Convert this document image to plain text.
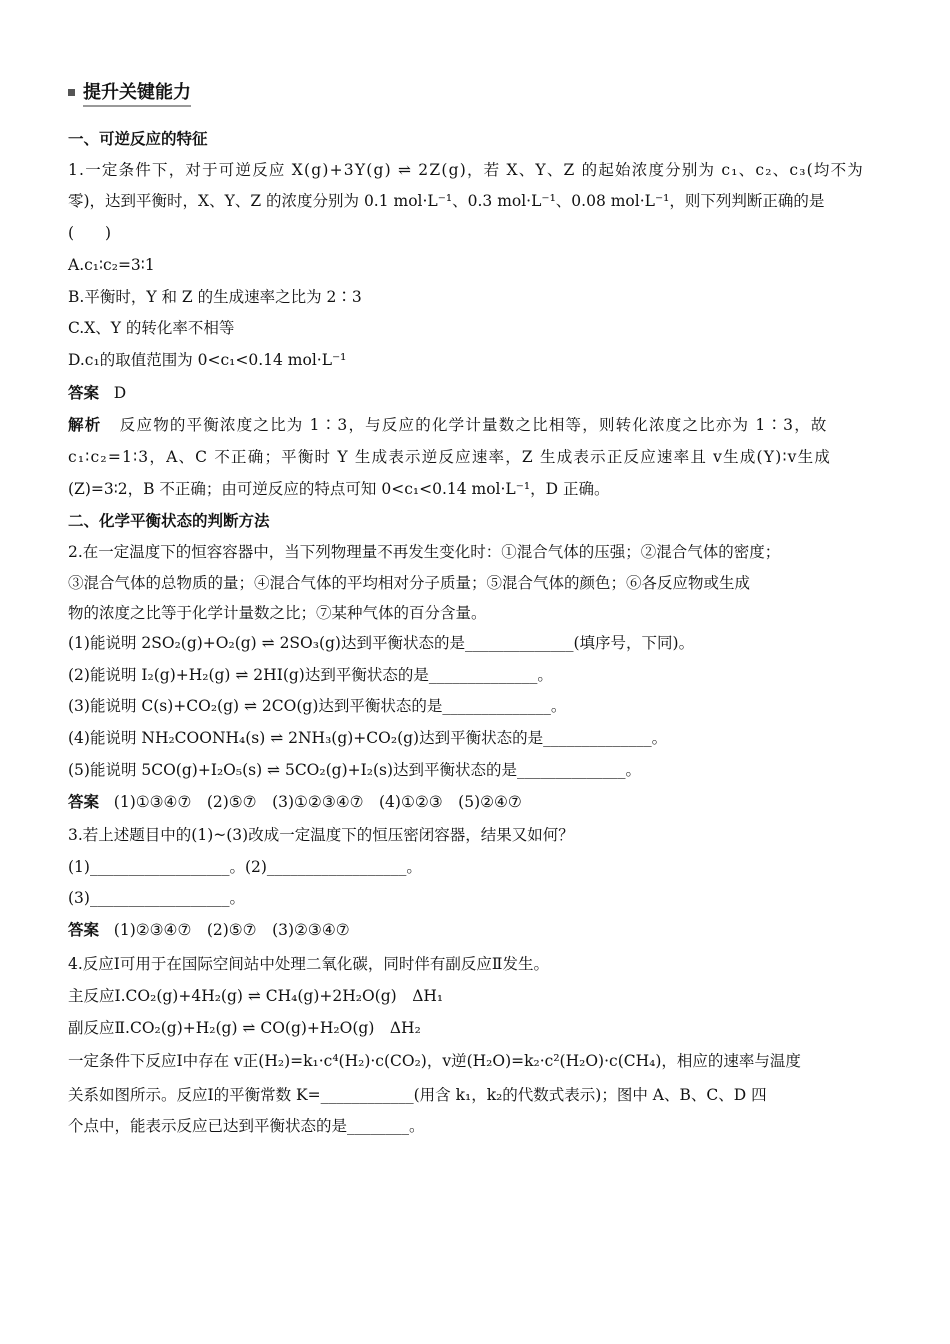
提升关键能力
一、可逆反应的特征
1.一定条件下，对于可逆反应 X(g)+3Y(g) ⇌ 2Z(g)，若 X、Y、Z 的起始浓度分别为 c₁、c₂、c₃(均不为
零)，达到平衡时，X、Y、Z 的浓度分别为 0.1 mol·L⁻¹、0.3 mol·L⁻¹、0.08 mol·L⁻¹，则下列判断正确的是
(　　)
A.c₁∶c₂=3∶1
B.平衡时，Y 和 Z 的生成速率之比为 2∶3
C.X、Y 的转化率不相等
D.c₁的取值范围为 0<c₁<0.14 mol·L⁻¹
答案 D
解析 反应物的平衡浓度之比为 1∶3，与反应的化学计量数之比相等，则转化浓度之比亦为 1∶3，故
c₁∶c₂=1∶3，A、C 不正确；平衡时 Y 生成表示逆反应速率，Z 生成表示正反应速率且 v生成(Y)∶v生成
(Z)=3∶2，B 不正确；由可逆反应的特点可知 0<c₁<0.14 mol·L⁻¹，D 正确。
二、化学平衡状态的判断方法
2.在一定温度下的恒容容器中，当下列物理量不再发生变化时：①混合气体的压强；②混合气体的密度；
③混合气体的总物质的量；④混合气体的平均相对分子质量；⑤混合气体的颜色；⑥各反应物或生成
物的浓度之比等于化学计量数之比；⑦某种气体的百分含量。
(1)能说明 2SO₂(g)+O₂(g) ⇌ 2SO₃(g)达到平衡状态的是______________(填序号，下同)。
(2)能说明 I₂(g)+H₂(g) ⇌ 2HI(g)达到平衡状态的是______________。
(3)能说明 C(s)+CO₂(g) ⇌ 2CO(g)达到平衡状态的是______________。
(4)能说明 NH₂COONH₄(s) ⇌ 2NH₃(g)+CO₂(g)达到平衡状态的是______________。
(5)能说明 5CO(g)+I₂O₅(s) ⇌ 5CO₂(g)+I₂(s)达到平衡状态的是______________。
答案 (1)①③④⑦　(2)⑤⑦　(3)①②③④⑦　(4)①②③　(5)②④⑦
3.若上述题目中的(1)~(3)改成一定温度下的恒压密闭容器，结果又如何？
(1)__________________。(2)__________________。
(3)__________________。
答案 (1)②③④⑦　(2)⑤⑦　(3)②③④⑦
4.反应Ⅰ可用于在国际空间站中处理二氧化碳，同时伴有副反应Ⅱ发生。
主反应Ⅰ.CO₂(g)+4H₂(g) ⇌ CH₄(g)+2H₂O(g)　ΔH₁
副反应Ⅱ.CO₂(g)+H₂(g) ⇌ CO(g)+H₂O(g)　ΔH₂
一定条件下反应Ⅰ中存在 v正(H₂)=k₁·c⁴(H₂)·c(CO₂)，v逆(H₂O)=k₂·c²(H₂O)·c(CH₄)，相应的速率与温度
关系如图所示。反应Ⅰ的平衡常数 K=____________(用含 k₁，k₂的代数式表示)；图中 A、B、C、D 四
个点中，能表示反应已达到平衡状态的是________。
